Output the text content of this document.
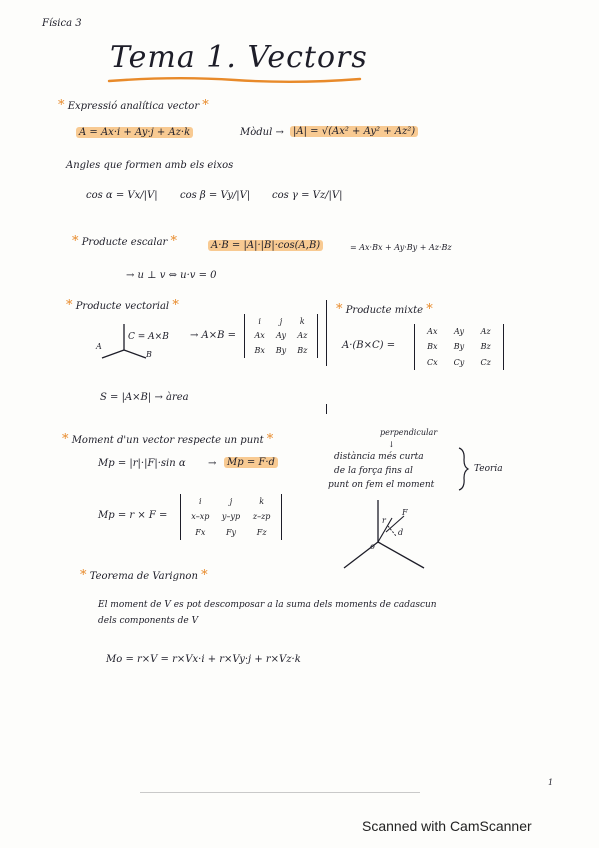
Física 3
Tema 1. Vectors
* Expressió analítica vector *
A = Ax·i + Ay·j + Az·k	Mòdul → |A| = √(Ax² + Ay² + Az²)
Angles que formen amb els eixos
cos α = Vx/|V| cos β = Vy/|V| cos γ = Vz/|V|
* Producte escalar *	A·B = |A|·|B|·cos(A,B)	= Ax·Bx + Ay·By + Az·Bz
→ u ⊥ v ⇔ u·v = 0
* Producte vectorial *
C = A×B
A
B
→ A×B =
i	j	k
Ax	Ay	Az
Bx	By	Bz
S = |A×B| → àrea
* Producte mixte *
A·(B×C) =
Ax	Ay	Az
Bx	By	Bz
Cx	Cy	Cz
* Moment d'un vector respecte un punt *
Mp = |r|·|F|·sin α →	Mp = F·d
perpendicular
↓
distància més curta
de la força fins al
punt on fem el moment
Teoria
Mp = r × F =
i	j	k
x–xp	y–yp	z–zp
Fx	Fy	Fz
F
r
d
o
* Teorema de Varignon *
El moment de V es pot descomposar a la suma dels moments de cadascun
dels components de V
Mo = r×V = r×Vx·i + r×Vy·j + r×Vz·k
1
Scanned with CamScanner
